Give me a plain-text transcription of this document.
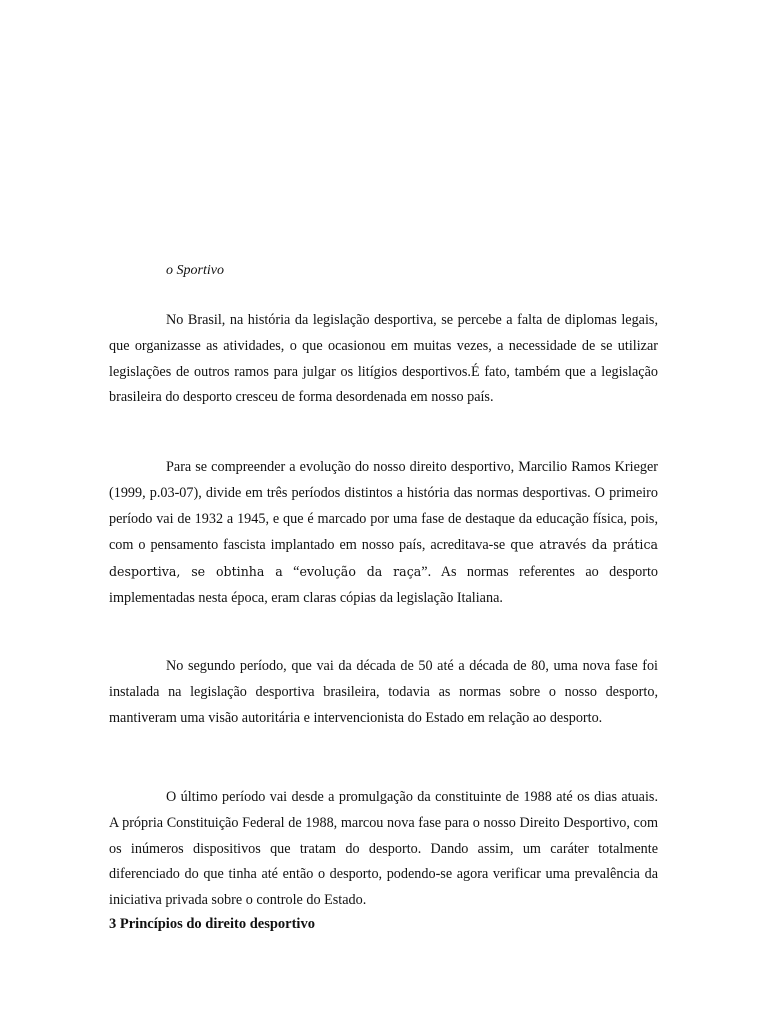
o Sportivo

No Brasil, na história da legislação desportiva, se percebe a falta de diplomas legais, que organizasse as atividades, o que ocasionou em muitas vezes, a necessidade de se utilizar legislações de outros ramos para julgar os litígios desportivos.É fato, também que a legislação brasileira do desporto cresceu de forma desordenada em nosso país.

Para se compreender a evolução do nosso direito desportivo, Marcilio Ramos Krieger (1999, p.03-07), divide em três períodos distintos a história das normas desportivas. O primeiro período vai de 1932 a 1945, e que é marcado por uma fase de destaque da educação física, pois, com o pensamento fascista implantado em nosso país, acreditava-se que através da prática desportiva, se obtinha a “evolução da raça”. As normas referentes ao desporto implementadas nesta época, eram claras cópias da legislação Italiana.

No segundo período, que vai da década de 50 até a década de 80, uma nova fase foi instalada na legislação desportiva brasileira, todavia as normas sobre o nosso desporto, mantiveram uma visão autoritária e intervencionista do Estado em relação ao desporto.

O último período vai desde a promulgação da constituinte de 1988 até os dias atuais. A própria Constituição Federal de 1988, marcou nova fase para o nosso Direito Desportivo, com os inúmeros dispositivos que tratam do desporto. Dando assim, um caráter totalmente diferenciado do que tinha até então o desporto, podendo-se agora verificar uma prevalência da iniciativa privada sobre o controle do Estado.

3 Princípios do direito desportivo
